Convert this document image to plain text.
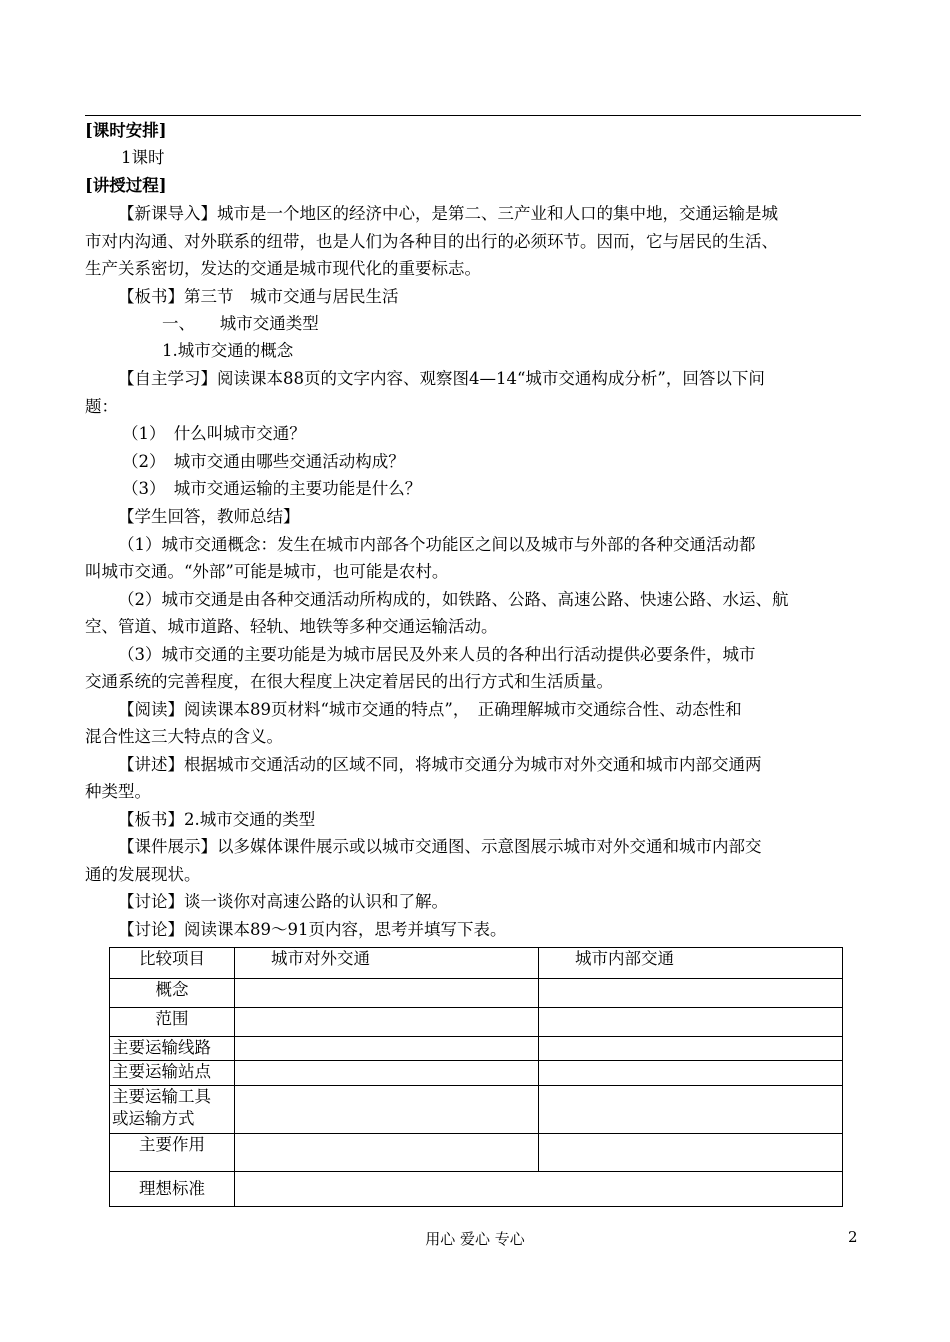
[课时安排]
1课时
[讲授过程]
【新课导入】城市是一个地区的经济中心，是第二、三产业和人口的集中地，交通运输是城
市对内沟通、对外联系的纽带，也是人们为各种目的出行的必须环节。因而，它与居民的生活、
生产关系密切，发达的交通是城市现代化的重要标志。
【板书】第三节　城市交通与居民生活
一、　　城市交通类型
1.城市交通的概念
【自主学习】阅读课本88页的文字内容、观察图4—14“城市交通构成分析”，回答以下问
题：
（1）　什么叫城市交通？
（2）　城市交通由哪些交通活动构成？
（3）　城市交通运输的主要功能是什么？
【学生回答，教师总结】
（1）城市交通概念：发生在城市内部各个功能区之间以及城市与外部的各种交通活动都
叫城市交通。“外部”可能是城市，也可能是农村。
（2）城市交通是由各种交通活动所构成的，如铁路、公路、高速公路、快速公路、水运、航
空、管道、城市道路、轻轨、地铁等多种交通运输活动。
（3）城市交通的主要功能是为城市居民及外来人员的各种出行活动提供必要条件，城市
交通系统的完善程度，在很大程度上决定着居民的出行方式和生活质量。
【阅读】阅读课本89页材料“城市交通的特点”，　正确理解城市交通综合性、动态性和
混合性这三大特点的含义。
【讲述】根据城市交通活动的区域不同，将城市交通分为城市对外交通和城市内部交通两
种类型。
【板书】2.城市交通的类型
【课件展示】以多媒体课件展示或以城市交通图、示意图展示城市对外交通和城市内部交
通的发展现状。
【讨论】谈一谈你对高速公路的认识和了解。
【讨论】阅读课本89～91页内容，思考并填写下表。
比较项目	城市对外交通	城市内部交通
概念		
范围		
主要运输线路		
主要运输站点		

主要运输工具
或运输方式		

主要作用		
理想标准		
用心 爱心 专心	2
